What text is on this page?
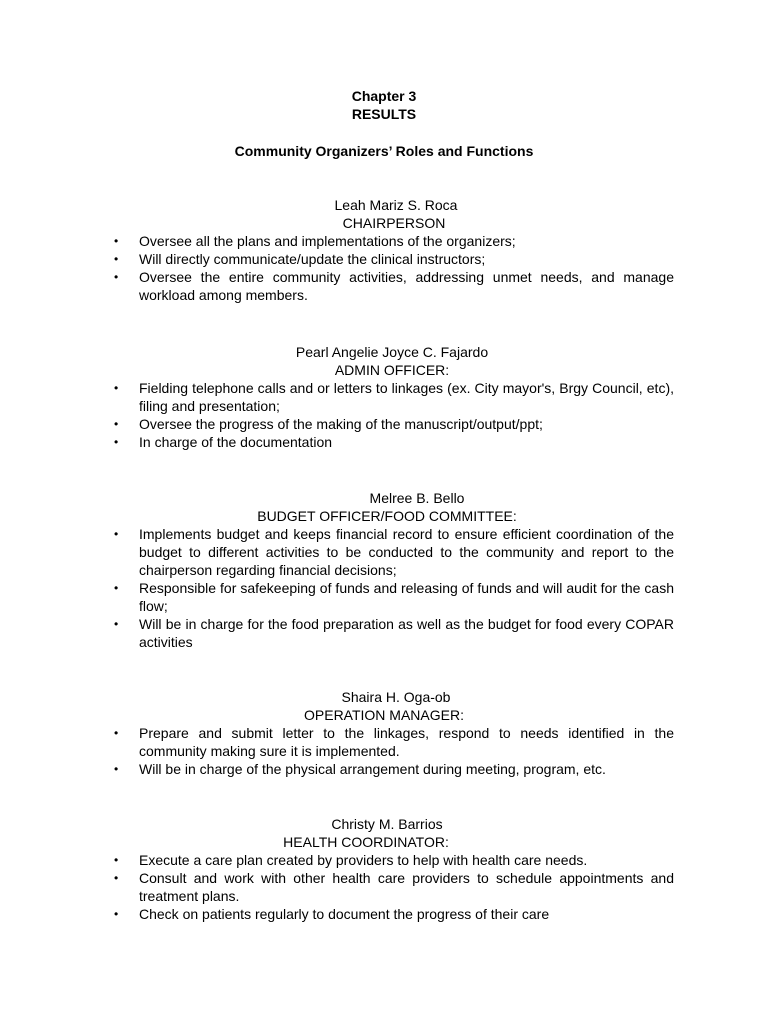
Chapter 3
RESULTS
Community Organizers’ Roles and Functions
Leah Mariz S. Roca
CHAIRPERSON
• Oversee all the plans and implementations of the organizers;
• Will directly communicate/update the clinical instructors;
• Oversee the entire community activities, addressing unmet needs, and manage workload among members.
Pearl Angelie Joyce C. Fajardo
ADMIN OFFICER:
• Fielding telephone calls and or letters to linkages (ex. City mayor's, Brgy Council, etc), filing and presentation;
• Oversee the progress of the making of the manuscript/output/ppt;
• In charge of the documentation
Melree B. Bello
BUDGET OFFICER/FOOD COMMITTEE:
• Implements budget and keeps financial record to ensure efficient coordination of the budget to different activities to be conducted to the community and report to the chairperson regarding financial decisions;
• Responsible for safekeeping of funds and releasing of funds and will audit for the cash flow;
• Will be in charge for the food preparation as well as the budget for food every COPAR activities
Shaira H. Oga-ob
OPERATION MANAGER:
• Prepare and submit letter to the linkages, respond to needs identified in the community making sure it is implemented.
• Will be in charge of the physical arrangement during meeting, program, etc.
Christy M. Barrios
HEALTH COORDINATOR:
• Execute a care plan created by providers to help with health care needs.
• Consult and work with other health care providers to schedule appointments and treatment plans.
• Check on patients regularly to document the progress of their care
